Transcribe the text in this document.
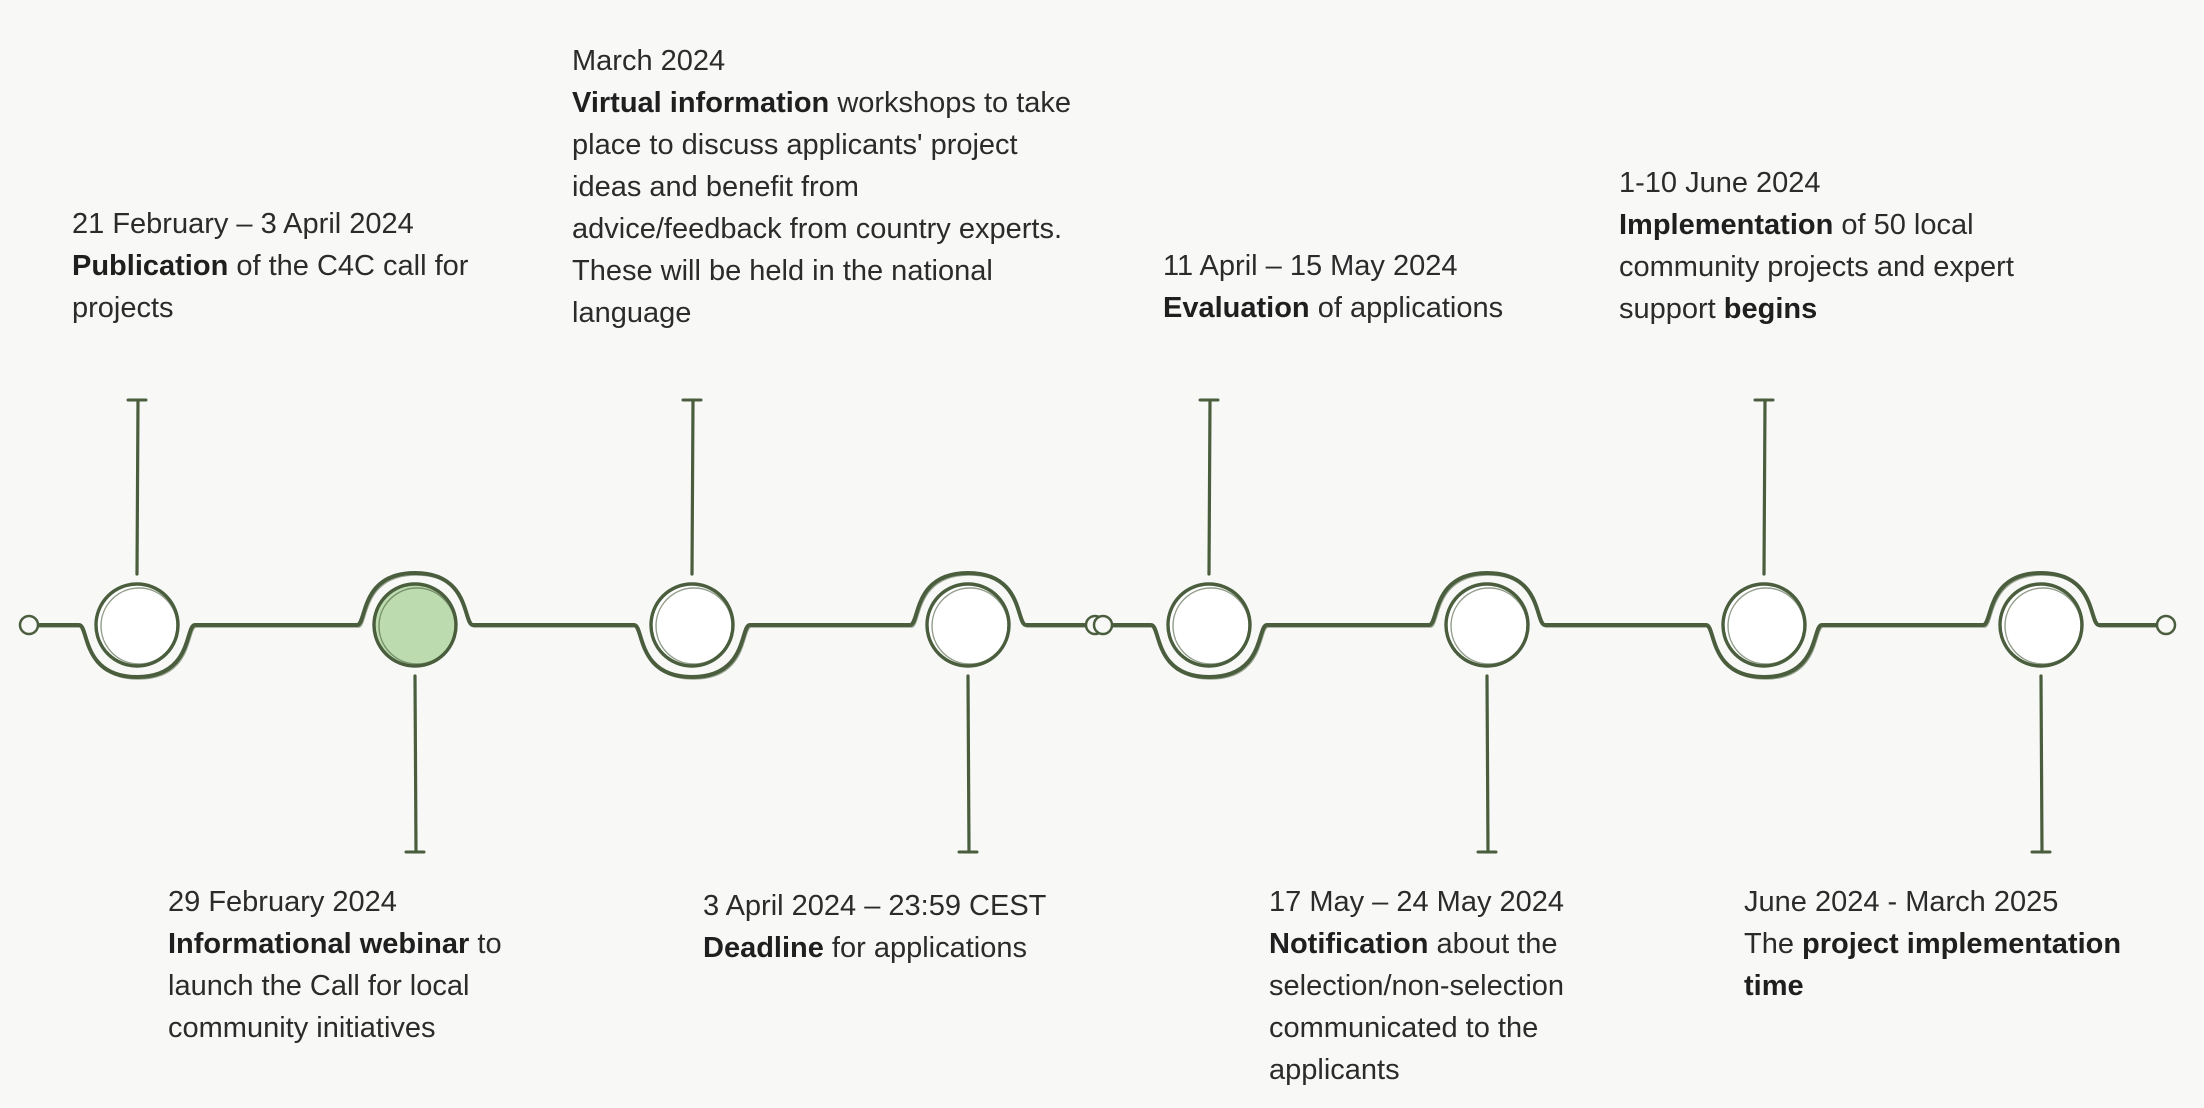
21 February – 3 April 2024
Publication of the C4C call for projects
29 February 2024
Informational webinar to launch the Call for local community initiatives
March 2024
Virtual information workshops to take place to discuss applicants' project ideas and benefit from advice/feedback from country experts. These will be held in the national language
3 April 2024 – 23:59 CEST
Deadline for applications
11 April – 15 May 2024
Evaluation of applications
17 May – 24 May 2024
Notification about the selection/non-selection communicated to the applicants
1-10 June 2024
Implementation of 50 local community projects and expert support begins
June 2024 - March 2025
The project implementation time
